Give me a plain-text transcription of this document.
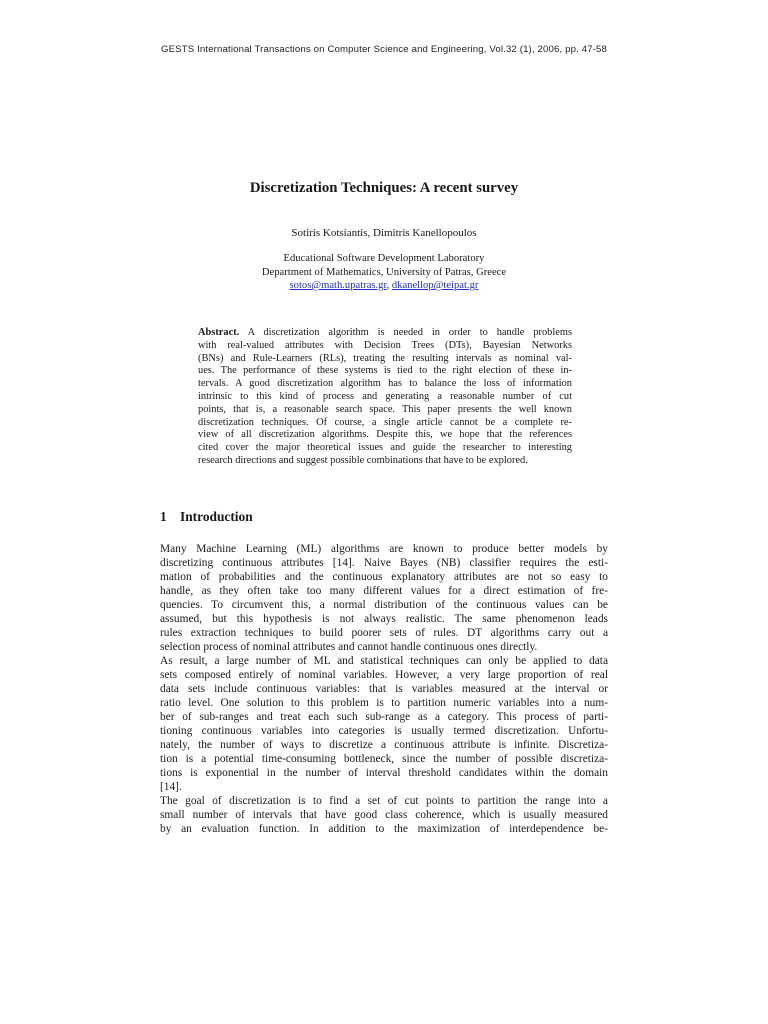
GESTS International Transactions on Computer Science and Engineering, Vol.32 (1), 2006, pp. 47-58
Discretization Techniques: A recent survey
Sotiris Kotsiantis, Dimitris Kanellopoulos
Educational Software Development Laboratory
Department of Mathematics, University of Patras, Greece
sotos@math.upatras.gr, dkanellop@teipat.gr
Abstract. A discretization algorithm is needed in order to handle problems
with real-valued attributes with Decision Trees (DTs), Bayesian Networks
(BNs) and Rule-Learners (RLs), treating the resulting intervals as nominal val-
ues. The performance of these systems is tied to the right election of these in-
tervals. A good discretization algorithm has to balance the loss of information
intrinsic to this kind of process and generating a reasonable number of cut
points, that is, a reasonable search space. This paper presents the well known
discretization techniques. Of course, a single article cannot be a complete re-
view of all discretization algorithms. Despite this, we hope that the references
cited cover the major theoretical issues and guide the researcher to interesting
research directions and suggest possible combinations that have to be explored.
1 Introduction
Many Machine Learning (ML) algorithms are known to produce better models by
discretizing continuous attributes [14]. Naive Bayes (NB) classifier requires the esti-
mation of probabilities and the continuous explanatory attributes are not so easy to
handle, as they often take too many different values for a direct estimation of fre-
quencies. To circumvent this, a normal distribution of the continuous values can be
assumed, but this hypothesis is not always realistic. The same phenomenon leads
rules extraction techniques to build poorer sets of rules. DT algorithms carry out a
selection process of nominal attributes and cannot handle continuous ones directly.
As result, a large number of ML and statistical techniques can only be applied to data
sets composed entirely of nominal variables. However, a very large proportion of real
data sets include continuous variables: that is variables measured at the interval or
ratio level. One solution to this problem is to partition numeric variables into a num-
ber of sub-ranges and treat each such sub-range as a category. This process of parti-
tioning continuous variables into categories is usually termed discretization. Unfortu-
nately, the number of ways to discretize a continuous attribute is infinite. Discretiza-
tion is a potential time-consuming bottleneck, since the number of possible discretiza-
tions is exponential in the number of interval threshold candidates within the domain
[14].
The goal of discretization is to find a set of cut points to partition the range into a
small number of intervals that have good class coherence, which is usually measured
by an evaluation function. In addition to the maximization of interdependence be-
